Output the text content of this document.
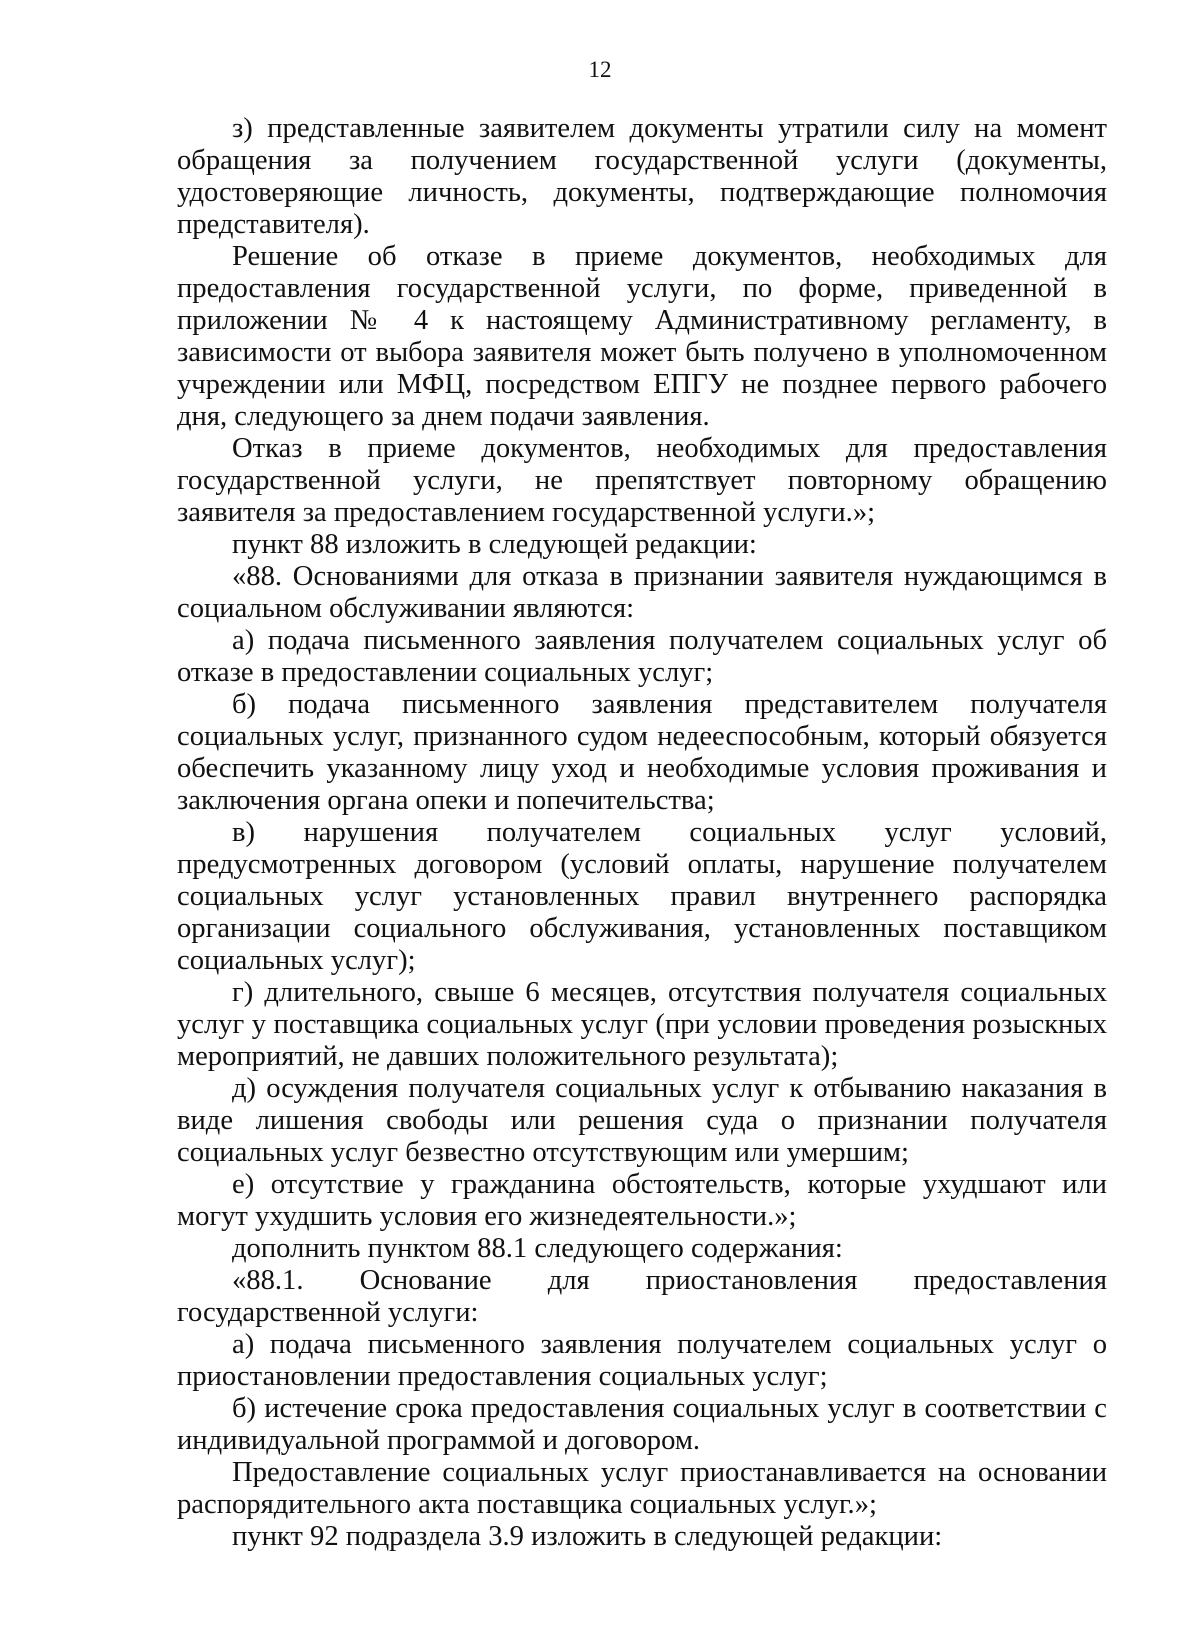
12

з) представленные заявителем документы утратили силу на момент обращения за получением государственной услуги (документы, удостоверяющие личность, документы, подтверждающие полномочия представителя).

Решение об отказе в приеме документов, необходимых для предоставления государственной услуги, по форме, приведенной в приложении № 4 к настоящему Административному регламенту, в зависимости от выбора заявителя может быть получено в уполномоченном учреждении или МФЦ, посредством ЕПГУ не позднее первого рабочего дня, следующего за днем подачи заявления.

Отказ в приеме документов, необходимых для предоставления государственной услуги, не препятствует повторному обращению заявителя за предоставлением государственной услуги.»;

пункт 88 изложить в следующей редакции:

«88. Основаниями для отказа в признании заявителя нуждающимся в социальном обслуживании являются:

а) подача письменного заявления получателем социальных услуг об отказе в предоставлении социальных услуг;

б) подача письменного заявления представителем получателя социальных услуг, признанного судом недееспособным, который обязуется обеспечить указанному лицу уход и необходимые условия проживания и заключения органа опеки и попечительства;

в) нарушения получателем социальных услуг условий, предусмотренных договором (условий оплаты, нарушение получателем социальных услуг установленных правил внутреннего распорядка организации социального обслуживания, установленных поставщиком социальных услуг);

г) длительного, свыше 6 месяцев, отсутствия получателя социальных услуг у поставщика социальных услуг (при условии проведения розыскных мероприятий, не давших положительного результата);

д) осуждения получателя социальных услуг к отбыванию наказания в виде лишения свободы или решения суда о признании получателя социальных услуг безвестно отсутствующим или умершим;

е) отсутствие у гражданина обстоятельств, которые ухудшают или могут ухудшить условия его жизнедеятельности.»;

дополнить пунктом 88.1 следующего содержания:

«88.1. Основание для приостановления предоставления государственной услуги:

а) подача письменного заявления получателем социальных услуг о приостановлении предоставления социальных услуг;

б) истечение срока предоставления социальных услуг в соответствии с индивидуальной программой и договором.

Предоставление социальных услуг приостанавливается на основании распорядительного акта поставщика социальных услуг.»;

пункт 92 подраздела 3.9 изложить в следующей редакции:
